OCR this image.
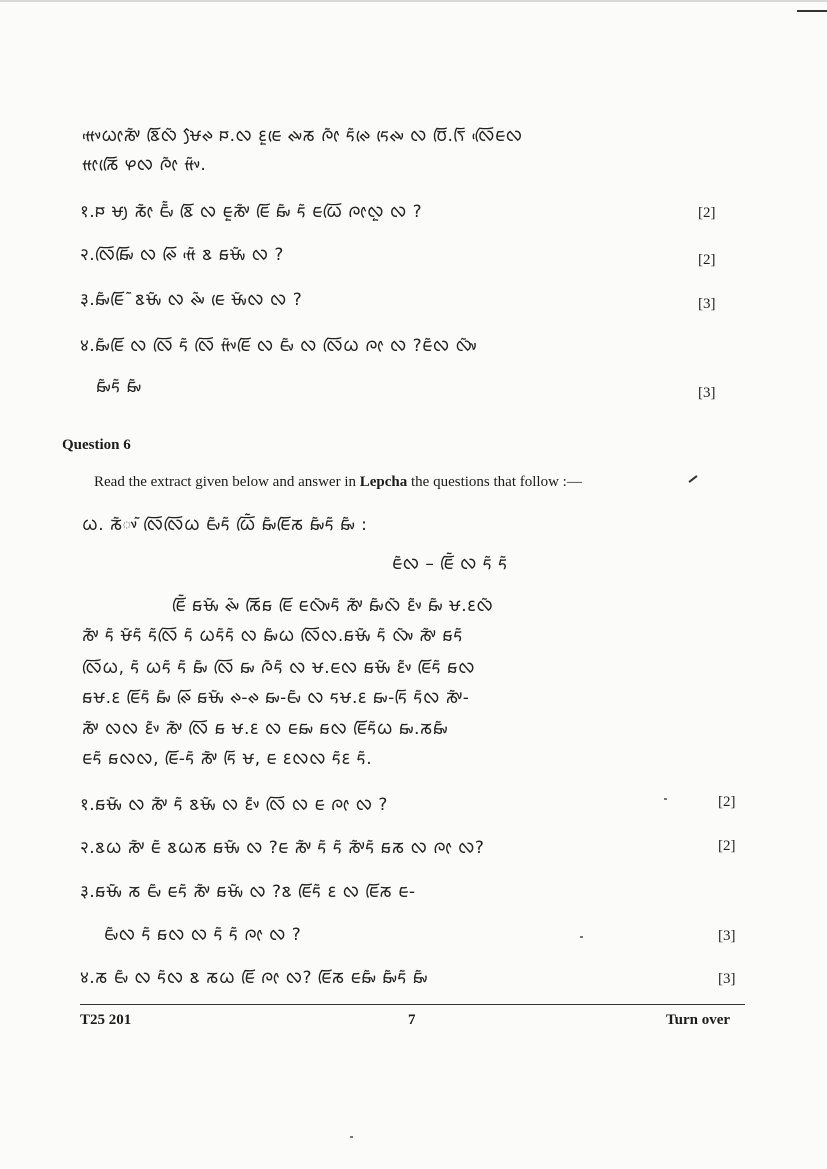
ᰙᰤᰵᰃᰦᰕᰤᰶ ᰣᰩᰜᰶ ᰝᰧᰊ ᰐ.ᰜ ᰚᰬᰀᰨ ᰊᰤᰕ ᰍᰦᰶ ᰁᰶᰊᰨ ᰁᰨᰊᰤ ᰜ ᰗᰩ.ᰛᰩ ᰜᰩᰵᰀᰜ
ᰙᰦᰕᰩᰨ ᰋᰜ ᰍᰦᰶ ᰙᰤᰶ.
१.ᰐ ᰝᰪ ᰕᰦᰶ ᰀᰤᰶᰶ ᰣᰩ ᰜ ᰀᰬᰕᰤᰶ ᰀᰩ ᰑᰤᰶ ᰁᰶ ᰀᰃᰩ ᰍᰦᰜᰬ ᰜ ?	[2]
२.ᰜᰩᰑᰤᰩ ᰜ ᰊᰩ ᰙᰵᰶ ᰣ ᰑᰝᰤᰶ ᰜ ?	[2]
३.ᰑᰤᰶᰀᰩ ᰶ ᰣᰝᰤᰶ ᰜ ᰊᰤᰶ ᰀᰨ ᰝᰤᰶᰜ ᰜ ?	[3]
४.ᰑᰤᰶᰀᰩ ᰜ ᰜᰩ ᰁᰶ ᰜᰩ ᰙᰤᰶᰀᰩ ᰜ ᰀᰤᰶ ᰜ ᰜᰩᰃ ᰍᰦ ᰜ ?ᰀᰶᰜ ᰜᰤᰶ
ᰑᰤᰶᰁᰶ ᰑᰤᰶ	[3]
Question 6
Read the extract given below and answer in Lepcha the questions that follow :—
ᰃ. ᰕᰶᰤᰶ ᰜᰩᰜᰩᰃ ᰀᰤᰶᰁᰶ ᰃᰩᰶ ᰑᰤᰶᰀᰩᰕ ᰑᰤᰶᰁᰶ ᰑᰤᰶ :
ᰀᰶᰜ – ᰀᰩᰶ ᰜ ᰁᰶ ᰁᰶ
ᰀᰩᰶ ᰑᰝᰤᰶ ᰊᰤᰶ ᰕᰩᰑ ᰀᰩ ᰀᰜᰤᰶᰁᰶ ᰕᰤᰶ ᰑᰤᰶᰜᰶ ᰚᰤᰶ ᰑᰤᰶ ᰝ.ᰚᰜᰶ
ᰕᰤᰶ ᰁᰶ ᰝᰶᰁᰶ ᰁᰶᰜᰩ ᰁᰶ ᰃᰁᰶᰁᰶ ᰜ ᰑᰤᰶᰃ ᰜᰩᰜ.ᰑᰝᰤᰶ ᰁᰶ ᰜᰤᰶ ᰕᰤᰶ ᰑᰁᰶ
ᰜᰩᰃ, ᰁᰶ ᰃᰁᰶ ᰁᰶ ᰑᰤᰶ ᰜᰩ ᰑᰤ ᰍᰶᰁᰶ ᰜ ᰝ.ᰀᰜ ᰑᰝᰤᰶ ᰚᰤᰶ ᰀᰩᰁᰶ ᰑᰜ
ᰑᰝ.ᰚ ᰀᰩᰁᰶ ᰑᰤᰶ ᰊᰩ ᰑᰝᰤᰶ ᰊ-ᰊ ᰑᰤ-ᰀᰤᰶ ᰜ ᰁᰝ.ᰚ ᰑᰤ-ᰁᰩ ᰁᰶᰜ ᰕᰤᰶ-
ᰕᰤᰶ ᰜᰜ ᰚᰤᰶ ᰕᰤᰶ ᰜᰩ ᰑ ᰝ.ᰚ ᰜ ᰀᰑᰤ ᰑᰜ ᰀᰩᰁᰶᰃ ᰑᰤ.ᰕᰑᰤᰶ
ᰀᰁᰶ ᰑᰜᰜ, ᰀᰩ-ᰁᰶ ᰕᰤᰶ ᰁᰩ ᰝ, ᰀ ᰚᰜᰜ ᰁᰶᰚ ᰁᰶ.
१.ᰑᰝᰤᰶ ᰜ ᰕᰤᰶ ᰁᰶ ᰣᰝᰤᰶ ᰜ ᰚᰤᰶ ᰜᰩ ᰜ ᰀ ᰍᰦ ᰜ ?	[2]
२.ᰣᰃ ᰕᰤᰶ ᰀᰶ ᰣᰃᰕ ᰑᰝᰤᰶ ᰜ ?ᰀ ᰕᰤᰶ ᰁᰶ ᰁᰶ ᰕᰤᰶᰁᰶ ᰑᰕ ᰜ ᰍᰦ ᰜ?	[2]
३.ᰑᰝᰤᰶ ᰕ ᰀᰤᰶ ᰀᰁᰶ ᰕᰤᰶ ᰑᰝᰤᰶ ᰜ ?ᰣ ᰀᰩᰁᰶ ᰚ ᰜ ᰀᰩᰕ ᰀ-
ᰀᰤᰶᰜ ᰁᰶ ᰑᰜ ᰜ ᰁᰶ ᰁᰶ ᰍᰦ ᰜ ?	[3]
४.ᰕ ᰀᰤᰶ ᰜ ᰁᰶᰜ ᰣ ᰕᰃ ᰀᰩ ᰍᰦ ᰜ? ᰀᰩᰕ ᰀᰑᰤᰶ ᰑᰤᰶᰁᰶ ᰑᰤᰶ	[3]
T25 201	7	Turn over
